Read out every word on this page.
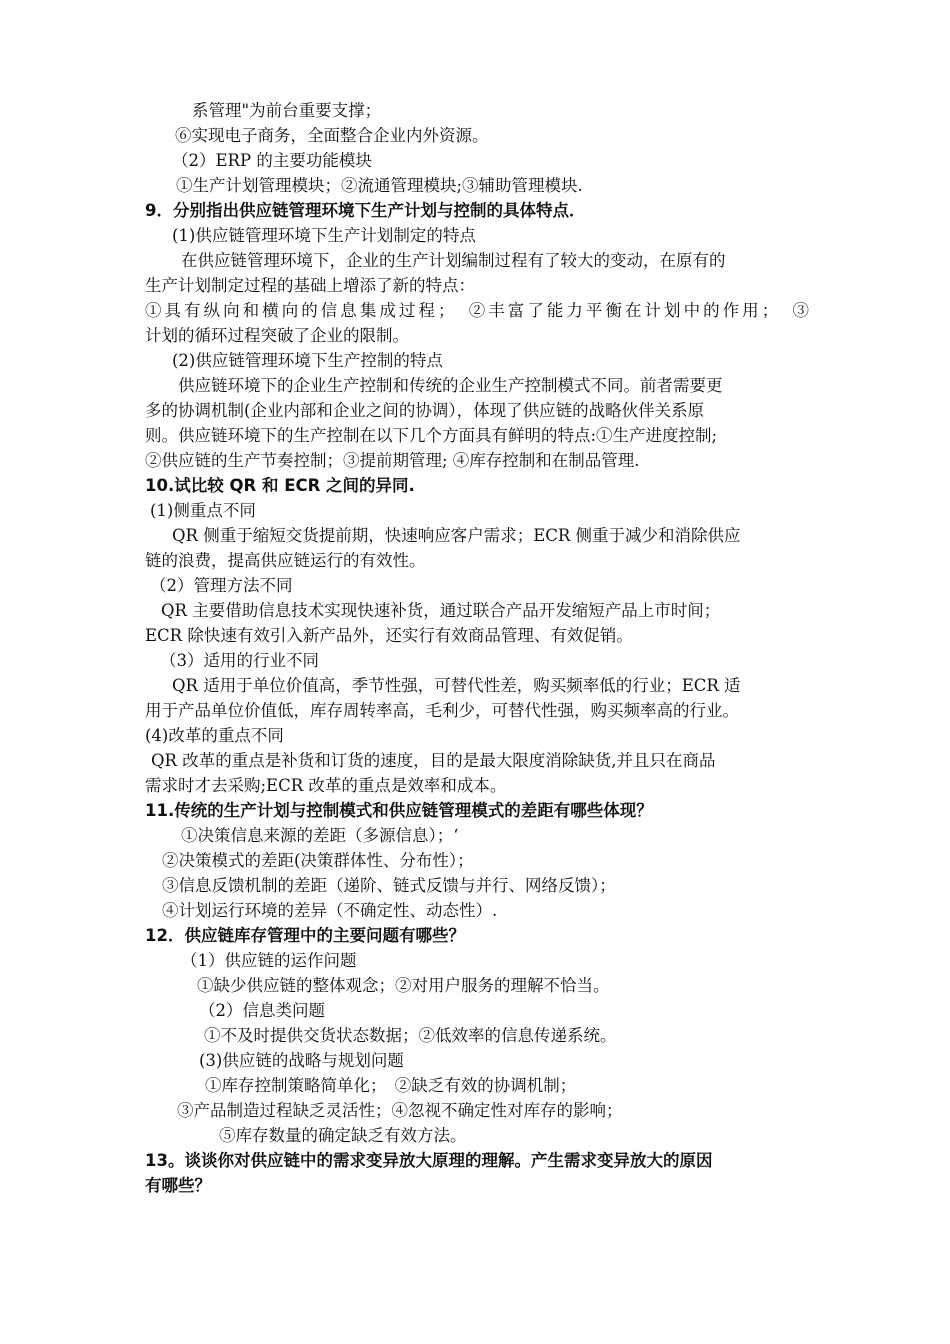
系管理"为前台重要支撑；
⑥实现电子商务，全面整合企业内外资源。
（2）ERP 的主要功能模块
①生产计划管理模块；②流通管理模块;③辅助管理模块.
9．分别指出供应链管理环境下生产计划与控制的具体特点．
(1)供应链管理环境下生产计划制定的特点
在供应链管理环境下，企业的生产计划编制过程有了较大的变动，在原有的
生产计划制定过程的基础上增添了新的特点：
①具有纵向和横向的信息集成过程；　②丰富了能力平衡在计划中的作用；　③
计划的循环过程突破了企业的限制。
(2)供应链管理环境下生产控制的特点
供应链环境下的企业生产控制和传统的企业生产控制模式不同。前者需要更
多的协调机制(企业内部和企业之间的协调），体现了供应链的战略伙伴关系原
则。供应链环境下的生产控制在以下几个方面具有鲜明的特点:①生产进度控制;
②供应链的生产节奏控制；③提前期管理; ④库存控制和在制品管理.
10.试比较 QR 和 ECR 之间的异同.
(1)侧重点不同
QR 侧重于缩短交货提前期，快速响应客户需求；ECR 侧重于减少和消除供应
链的浪费，提高供应链运行的有效性。
（2）管理方法不同
QR 主要借助信息技术实现快速补货，通过联合产品开发缩短产品上市时间；
ECR 除快速有效引入新产品外，还实行有效商品管理、有效促销。
（3）适用的行业不同
QR 适用于单位价值高，季节性强，可替代性差，购买频率低的行业；ECR 适
用于产品单位价值低，库存周转率高，毛利少，可替代性强，购买频率高的行业。
(4)改革的重点不同
QR 改革的重点是补货和订货的速度，目的是最大限度消除缺货,并且只在商品
需求时才去采购;ECR 改革的重点是效率和成本。
11.传统的生产计划与控制模式和供应链管理模式的差距有哪些体现？
①决策信息来源的差距（多源信息）；‘
②决策模式的差距(决策群体性、分布性）；
③信息反馈机制的差距（递阶、链式反馈与并行、网络反馈）；
④计划运行环境的差异（不确定性、动态性）.
12．供应链库存管理中的主要问题有哪些？
（1）供应链的运作问题
①缺少供应链的整体观念；②对用户服务的理解不恰当。
（2）信息类问题
①不及时提供交货状态数据；②低效率的信息传递系统。
(3)供应链的战略与规划问题
①库存控制策略简单化；　②缺乏有效的协调机制；
③产品制造过程缺乏灵活性；④忽视不确定性对库存的影响；
⑤库存数量的确定缺乏有效方法。
13。谈谈你对供应链中的需求变异放大原理的理解。产生需求变异放大的原因
有哪些？
